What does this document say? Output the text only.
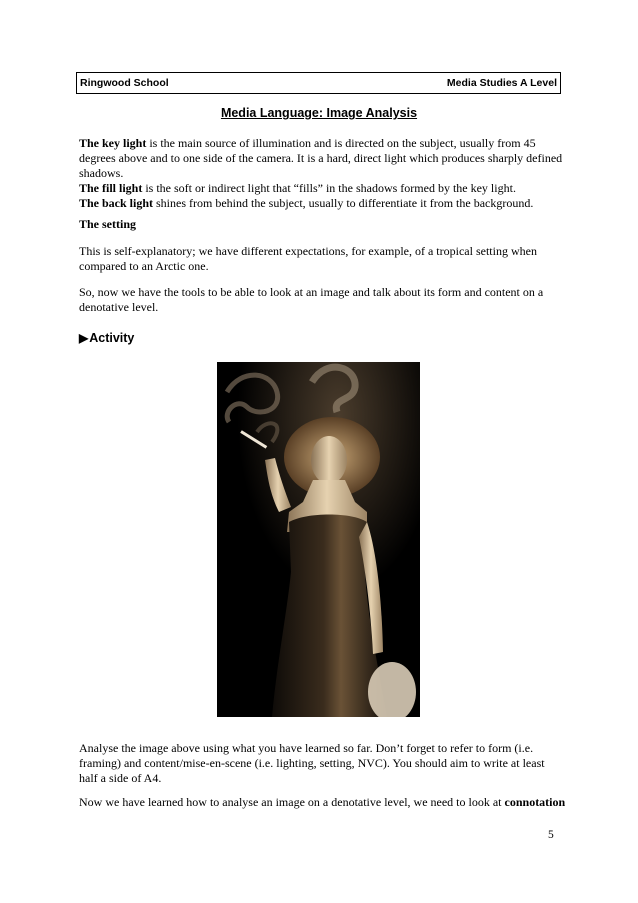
Ringwood School	Media Studies A Level
Media Language: Image Analysis
The key light is the main source of illumination and is directed on the subject, usually from 45
degrees above and to one side of the camera. It is a hard, direct light which produces sharply defined
shadows.
The fill light is the soft or indirect light that “fills” in the shadows formed by the key light.
The back light shines from behind the subject, usually to differentiate it from the background.
The setting
This is self-explanatory; we have different expectations, for example, of a tropical setting when
compared to an Arctic one.
So, now we have the tools to be able to look at an image and talk about its form and content on a
denotative level.
▶ Activity
Analyse the image above using what you have learned so far. Don’t forget to refer to form (i.e.
framing) and content/mise-en-scene (i.e. lighting, setting, NVC). You should aim to write at least
half a side of A4.
Now we have learned how to analyse an image on a denotative level, we need to look at connotation
5
